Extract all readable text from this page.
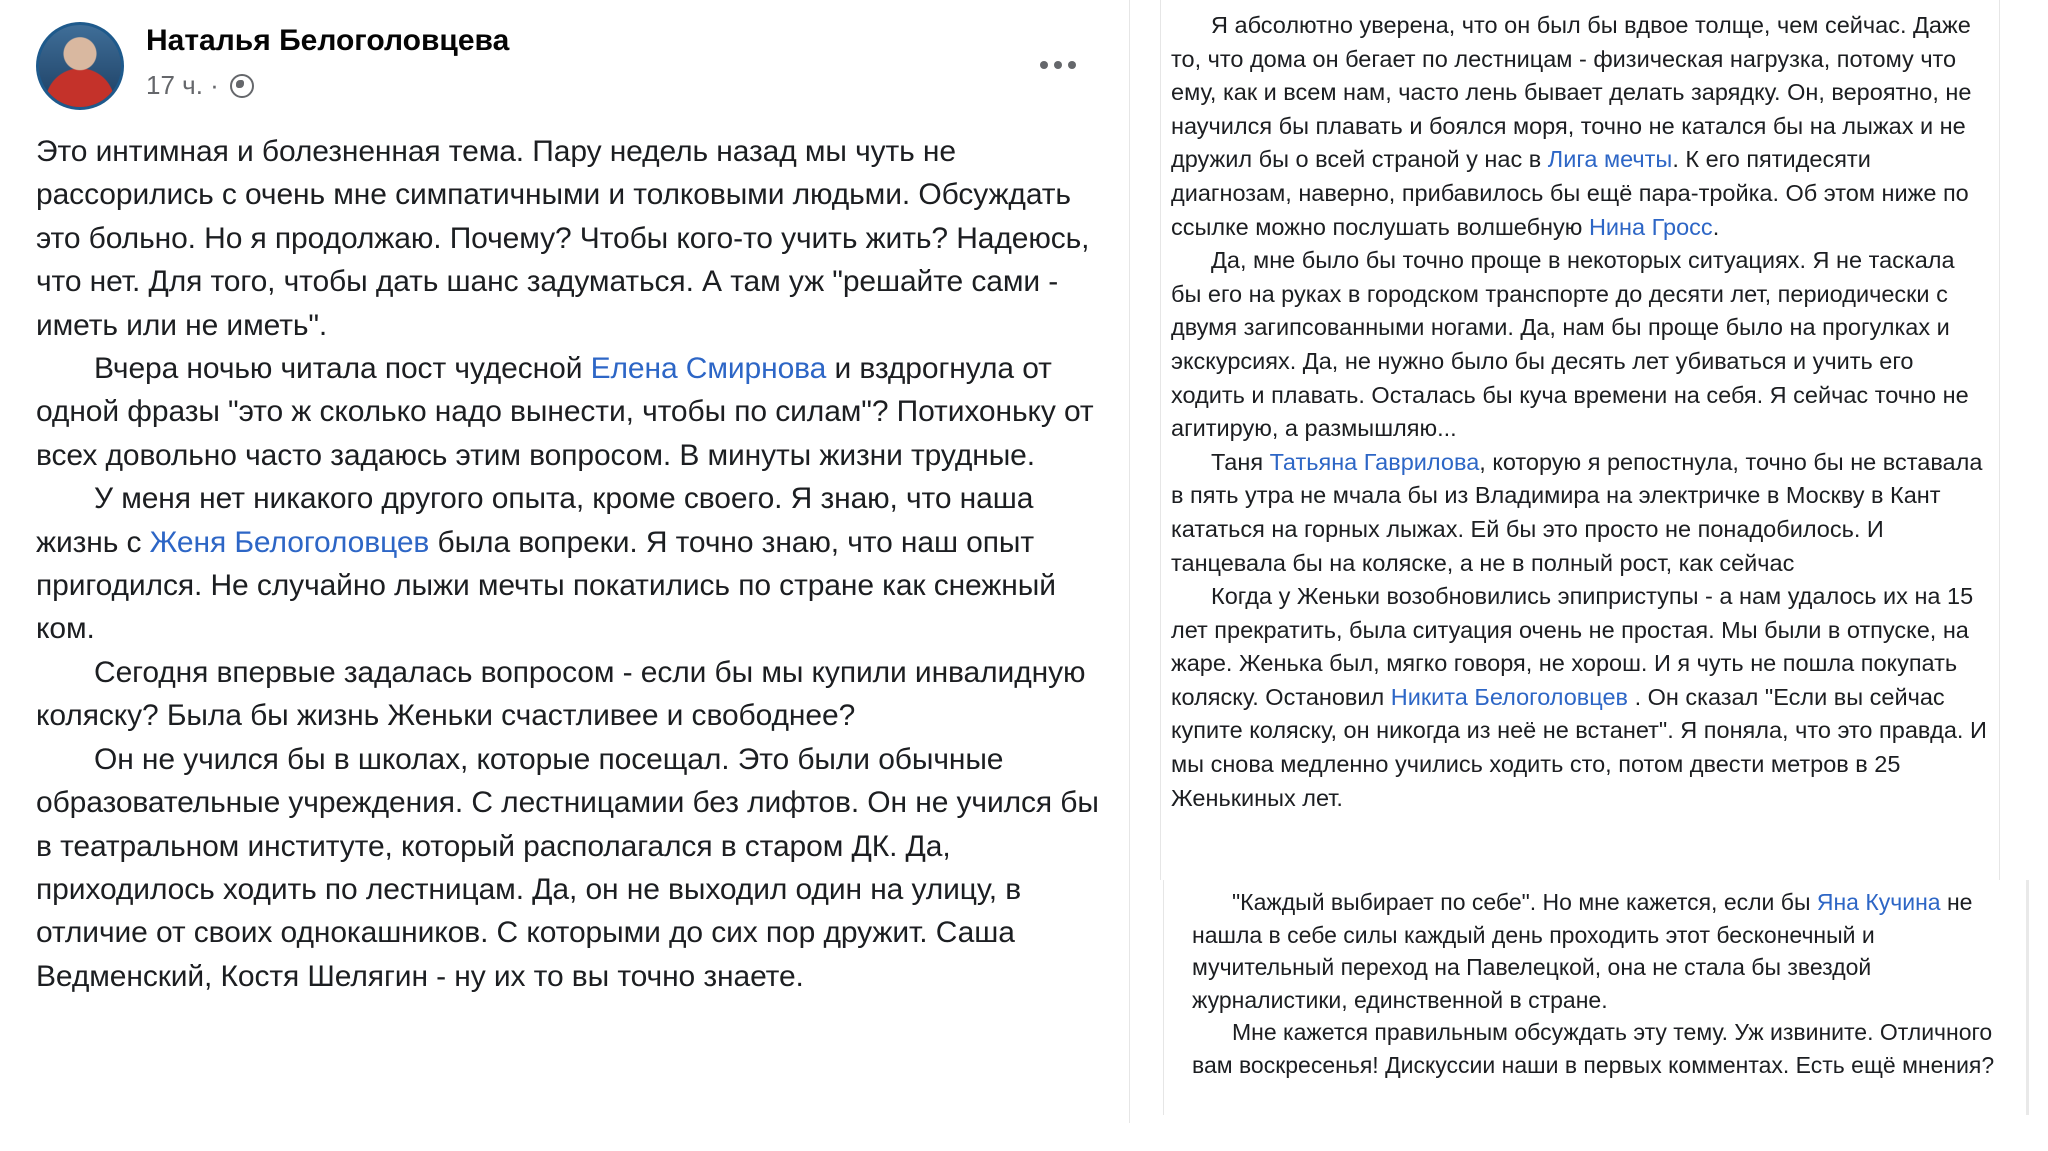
Наталья Белоголовцева
17 ч. ·

Это интимная и болезненная тема. Пару недель назад мы чуть не рассорились с очень мне симпатичными и толковыми людьми. Обсуждать это больно. Но я продолжаю. Почему? Чтобы кого-то учить жить? Надеюсь, что нет. Для того, чтобы дать шанс задуматься. А там уж "решайте сами - иметь или не иметь".

Вчера ночью читала пост чудесной Елена Смирнова и вздрогнула от одной фразы "это ж сколько надо вынести, чтобы по силам"? Потихоньку от всех довольно часто задаюсь этим вопросом. В минуты жизни трудные.

У меня нет никакого другого опыта, кроме своего. Я знаю, что наша жизнь с Женя Белоголовцев была вопреки. Я точно знаю, что наш опыт пригодился. Не случайно лыжи мечты покатились по стране как снежный ком.

Сегодня впервые задалась вопросом - если бы мы купили инвалидную коляску? Была бы жизнь Женьки счастливее и свободнее?

Он не учился бы в школах, которые посещал. Это были обычные образовательные учреждения. С лестницамии без лифтов. Он не учился бы в театральном институте, который располагался в старом ДК. Да, приходилось ходить по лестницам. Да, он не выходил один на улицу, в отличие от своих однокашников. С которыми до сих пор дружит. Саша Ведменский, Костя Шелягин - ну их то вы точно знаете.

Я абсолютно уверена, что он был бы вдвое толще, чем сейчас. Даже то, что дома он бегает по лестницам - физическая нагрузка, потому что ему, как и всем нам, часто лень бывает делать зарядку. Он, вероятно, не научился бы плавать и боялся моря, точно не катался бы на лыжах и не дружил бы о всей страной у нас в Лига мечты. К его пятидесяти диагнозам, наверно, прибавилось бы ещё пара-тройка. Об этом ниже по ссылке можно послушать волшебную Нина Гросс.

Да, мне было бы точно проще в некоторых ситуациях. Я не таскала бы его на руках в городском транспорте до десяти лет, периодически с двумя загипсованными ногами. Да, нам бы проще было на прогулках и экскурсиях. Да, не нужно было бы десять лет убиваться и учить его ходить и плавать. Осталась бы куча времени на себя. Я сейчас точно не агитирую, а размышляю...

Таня Татьяна Гаврилова, которую я репостнула, точно бы не вставала в пять утра не мчала бы из Владимира на электричке в Москву в Кант кататься на горных лыжах. Ей бы это просто не понадобилось. И танцевала бы на коляске, а не в полный рост, как сейчас

Когда у Женьки возобновились эпиприступы - а нам удалось их на 15 лет прекратить, была ситуация очень не простая. Мы были в отпуске, на жаре. Женька был, мягко говоря, не хорош. И я чуть не пошла покупать коляску. Остановил Никита Белоголовцев . Он сказал "Если вы сейчас купите коляску, он никогда из неё не встанет". Я поняла, что это правда. И мы снова медленно учились ходить сто, потом двести метров в 25 Женькиных лет.

"Каждый выбирает по себе". Но мне кажется, если бы Яна Кучина не нашла в себе силы каждый день проходить этот бесконечный и мучительный переход на Павелецкой, она не стала бы звездой журналистики, единственной в стране.

Мне кажется правильным обсуждать эту тему. Уж извините. Отличного вам воскресенья! Дискуссии наши в первых комментах. Есть ещё мнения?
